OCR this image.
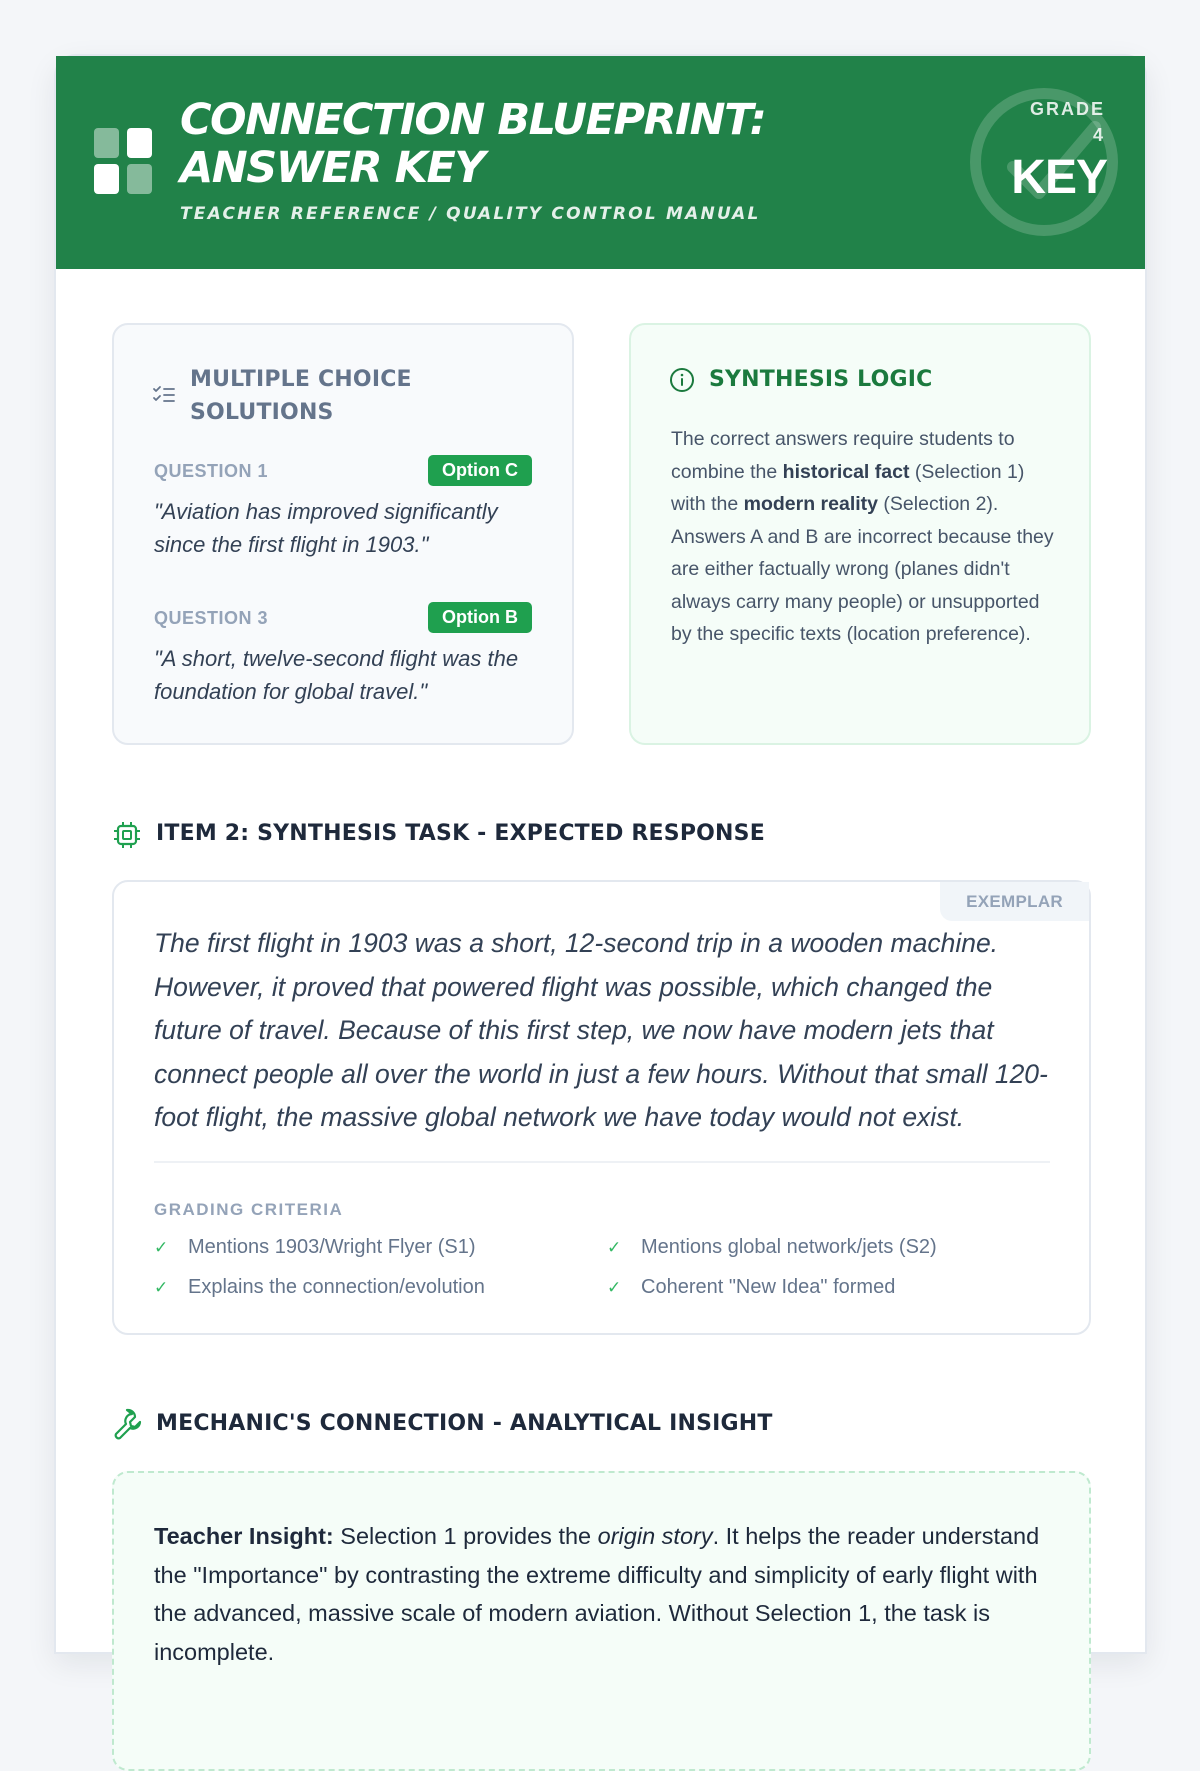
CONNECTION BLUEPRINT:
ANSWER KEY
TEACHER REFERENCE / QUALITY CONTROL MANUAL
GRADE
4
KEY
MULTIPLE CHOICE SOLUTIONS
QUESTION 1	Option C
"Aviation has improved significantly since the first flight in 1903."
QUESTION 3	Option B
"A short, twelve-second flight was the foundation for global travel."
SYNTHESIS LOGIC
The correct answers require students to combine the historical fact (Selection 1) with the modern reality (Selection 2). Answers A and B are incorrect because they are either factually wrong (planes didn't always carry many people) or unsupported by the specific texts (location preference).
ITEM 2: SYNTHESIS TASK - EXPECTED RESPONSE
EXEMPLAR
The first flight in 1903 was a short, 12-second trip in a wooden machine. However, it proved that powered flight was possible, which changed the future of travel. Because of this first step, we now have modern jets that connect people all over the world in just a few hours. Without that small 120-foot flight, the massive global network we have today would not exist.
GRADING CRITERIA
✓ Mentions 1903/Wright Flyer (S1)	✓ Mentions global network/jets (S2)
✓ Explains the connection/evolution	✓ Coherent "New Idea" formed
MECHANIC'S CONNECTION - ANALYTICAL INSIGHT
Teacher Insight: Selection 1 provides the origin story. It helps the reader understand the "Importance" by contrasting the extreme difficulty and simplicity of early flight with the advanced, massive scale of modern aviation. Without Selection 1, the task is incomplete.
